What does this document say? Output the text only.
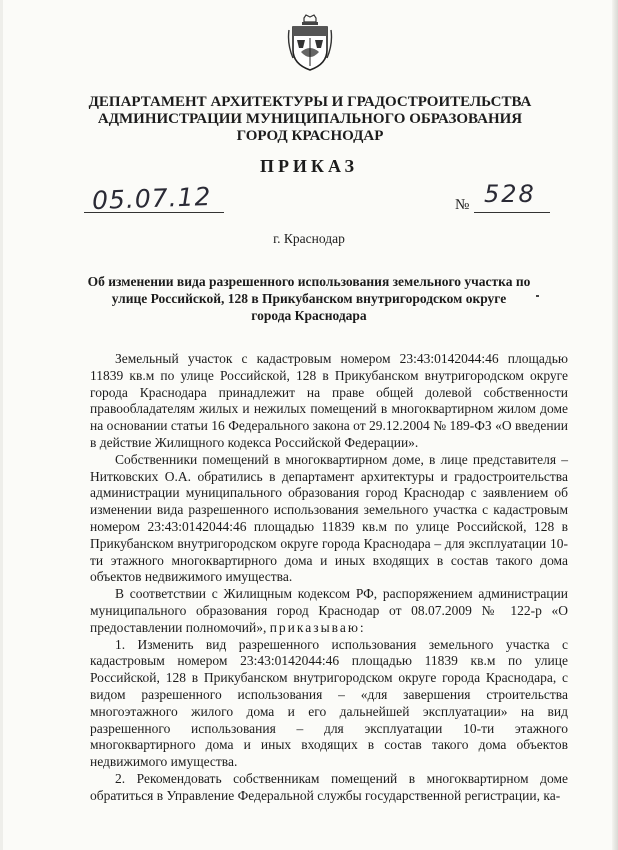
ДЕПАРТАМЕНТ АРХИТЕКТУРЫ И ГРАДОСТРОИТЕЛЬСТВА

АДМИНИСТРАЦИИ МУНИЦИПАЛЬНОГО ОБРАЗОВАНИЯ

ГОРОД КРАСНОДАР

ПРИКАЗ

05.07.12	№ 528

г. Краснодар

Об изменении вида разрешенного использования земельного участка по

улице Российской, 128 в Прикубанском внутригородском округе

города Краснодара

Земельный участок с кадастровым номером 23:43:0142044:46 площадью 11839 кв.м по улице Российской, 128 в Прикубанском внутригородском округе города Краснодара принадлежит на праве общей долевой собственности правообладателям жилых и нежилых помещений в многоквартирном жилом доме на основании статьи 16 Федерального закона от 29.12.2004 № 189-ФЗ «О введении в действие Жилищного кодекса Российской Федерации».

Собственники помещений в многоквартирном доме, в лице представителя – Нитковских О.А. обратились в департамент архитектуры и градостроительства администрации муниципального образования город Краснодар с заявлением об изменении вида разрешенного использования земельного участка с кадастровым номером 23:43:0142044:46 площадью 11839 кв.м по улице Российской, 128 в Прикубанском внутригородском округе города Краснодара – для эксплуатации 10-ти этажного многоквартирного дома и иных входящих в состав такого дома объектов недвижимого имущества.

В соответствии с Жилищным кодексом РФ, распоряжением администрации муниципального образования город Краснодар от 08.07.2009 № 122-р «О предоставлении полномочий», приказываю:

1. Изменить вид разрешенного использования земельного участка с кадастровым номером 23:43:0142044:46 площадью 11839 кв.м по улице Российской, 128 в Прикубанском внутригородском округе города Краснодара, с видом разрешенного использования – «для завершения строительства многоэтажного жилого дома и его дальнейшей эксплуатации» на вид разрешенного использования – для эксплуатации 10-ти этажного многоквартирного дома и иных входящих в состав такого дома объектов недвижимого имущества.

2. Рекомендовать собственникам помещений в многоквартирном доме обратиться в Управление Федеральной службы государственной регистрации, ка-
